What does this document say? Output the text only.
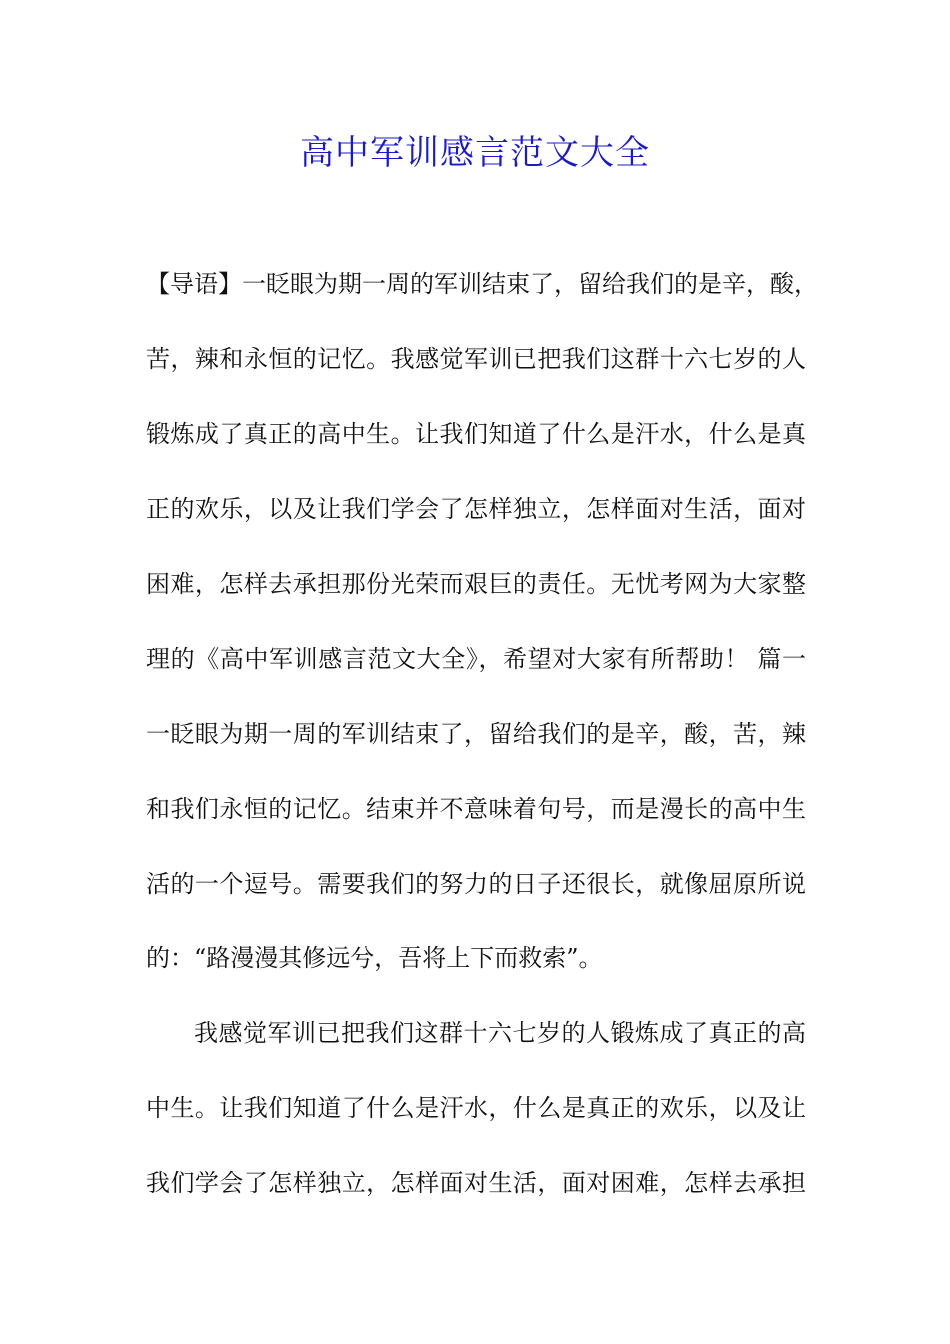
高中军训感言范文大全
【导语】一眨眼为期一周的军训结束了，留给我们的是辛，酸，
苦，辣和永恒的记忆。我感觉军训已把我们这群十六七岁的人
锻炼成了真正的高中生。让我们知道了什么是汗水，什么是真
正的欢乐，以及让我们学会了怎样独立，怎样面对生活，面对
困难，怎样去承担那份光荣而艰巨的责任。无忧考网为大家整
理的《高中军训感言范文大全》，希望对大家有所帮助！ 篇一
一眨眼为期一周的军训结束了，留给我们的是辛，酸，苦，辣
和我们永恒的记忆。结束并不意味着句号，而是漫长的高中生
活的一个逗号。需要我们的努力的日子还很长，就像屈原所说
的：“路漫漫其修远兮，吾将上下而救索”。
我感觉军训已把我们这群十六七岁的人锻炼成了真正的高
中生。让我们知道了什么是汗水，什么是真正的欢乐，以及让
我们学会了怎样独立，怎样面对生活，面对困难，怎样去承担
